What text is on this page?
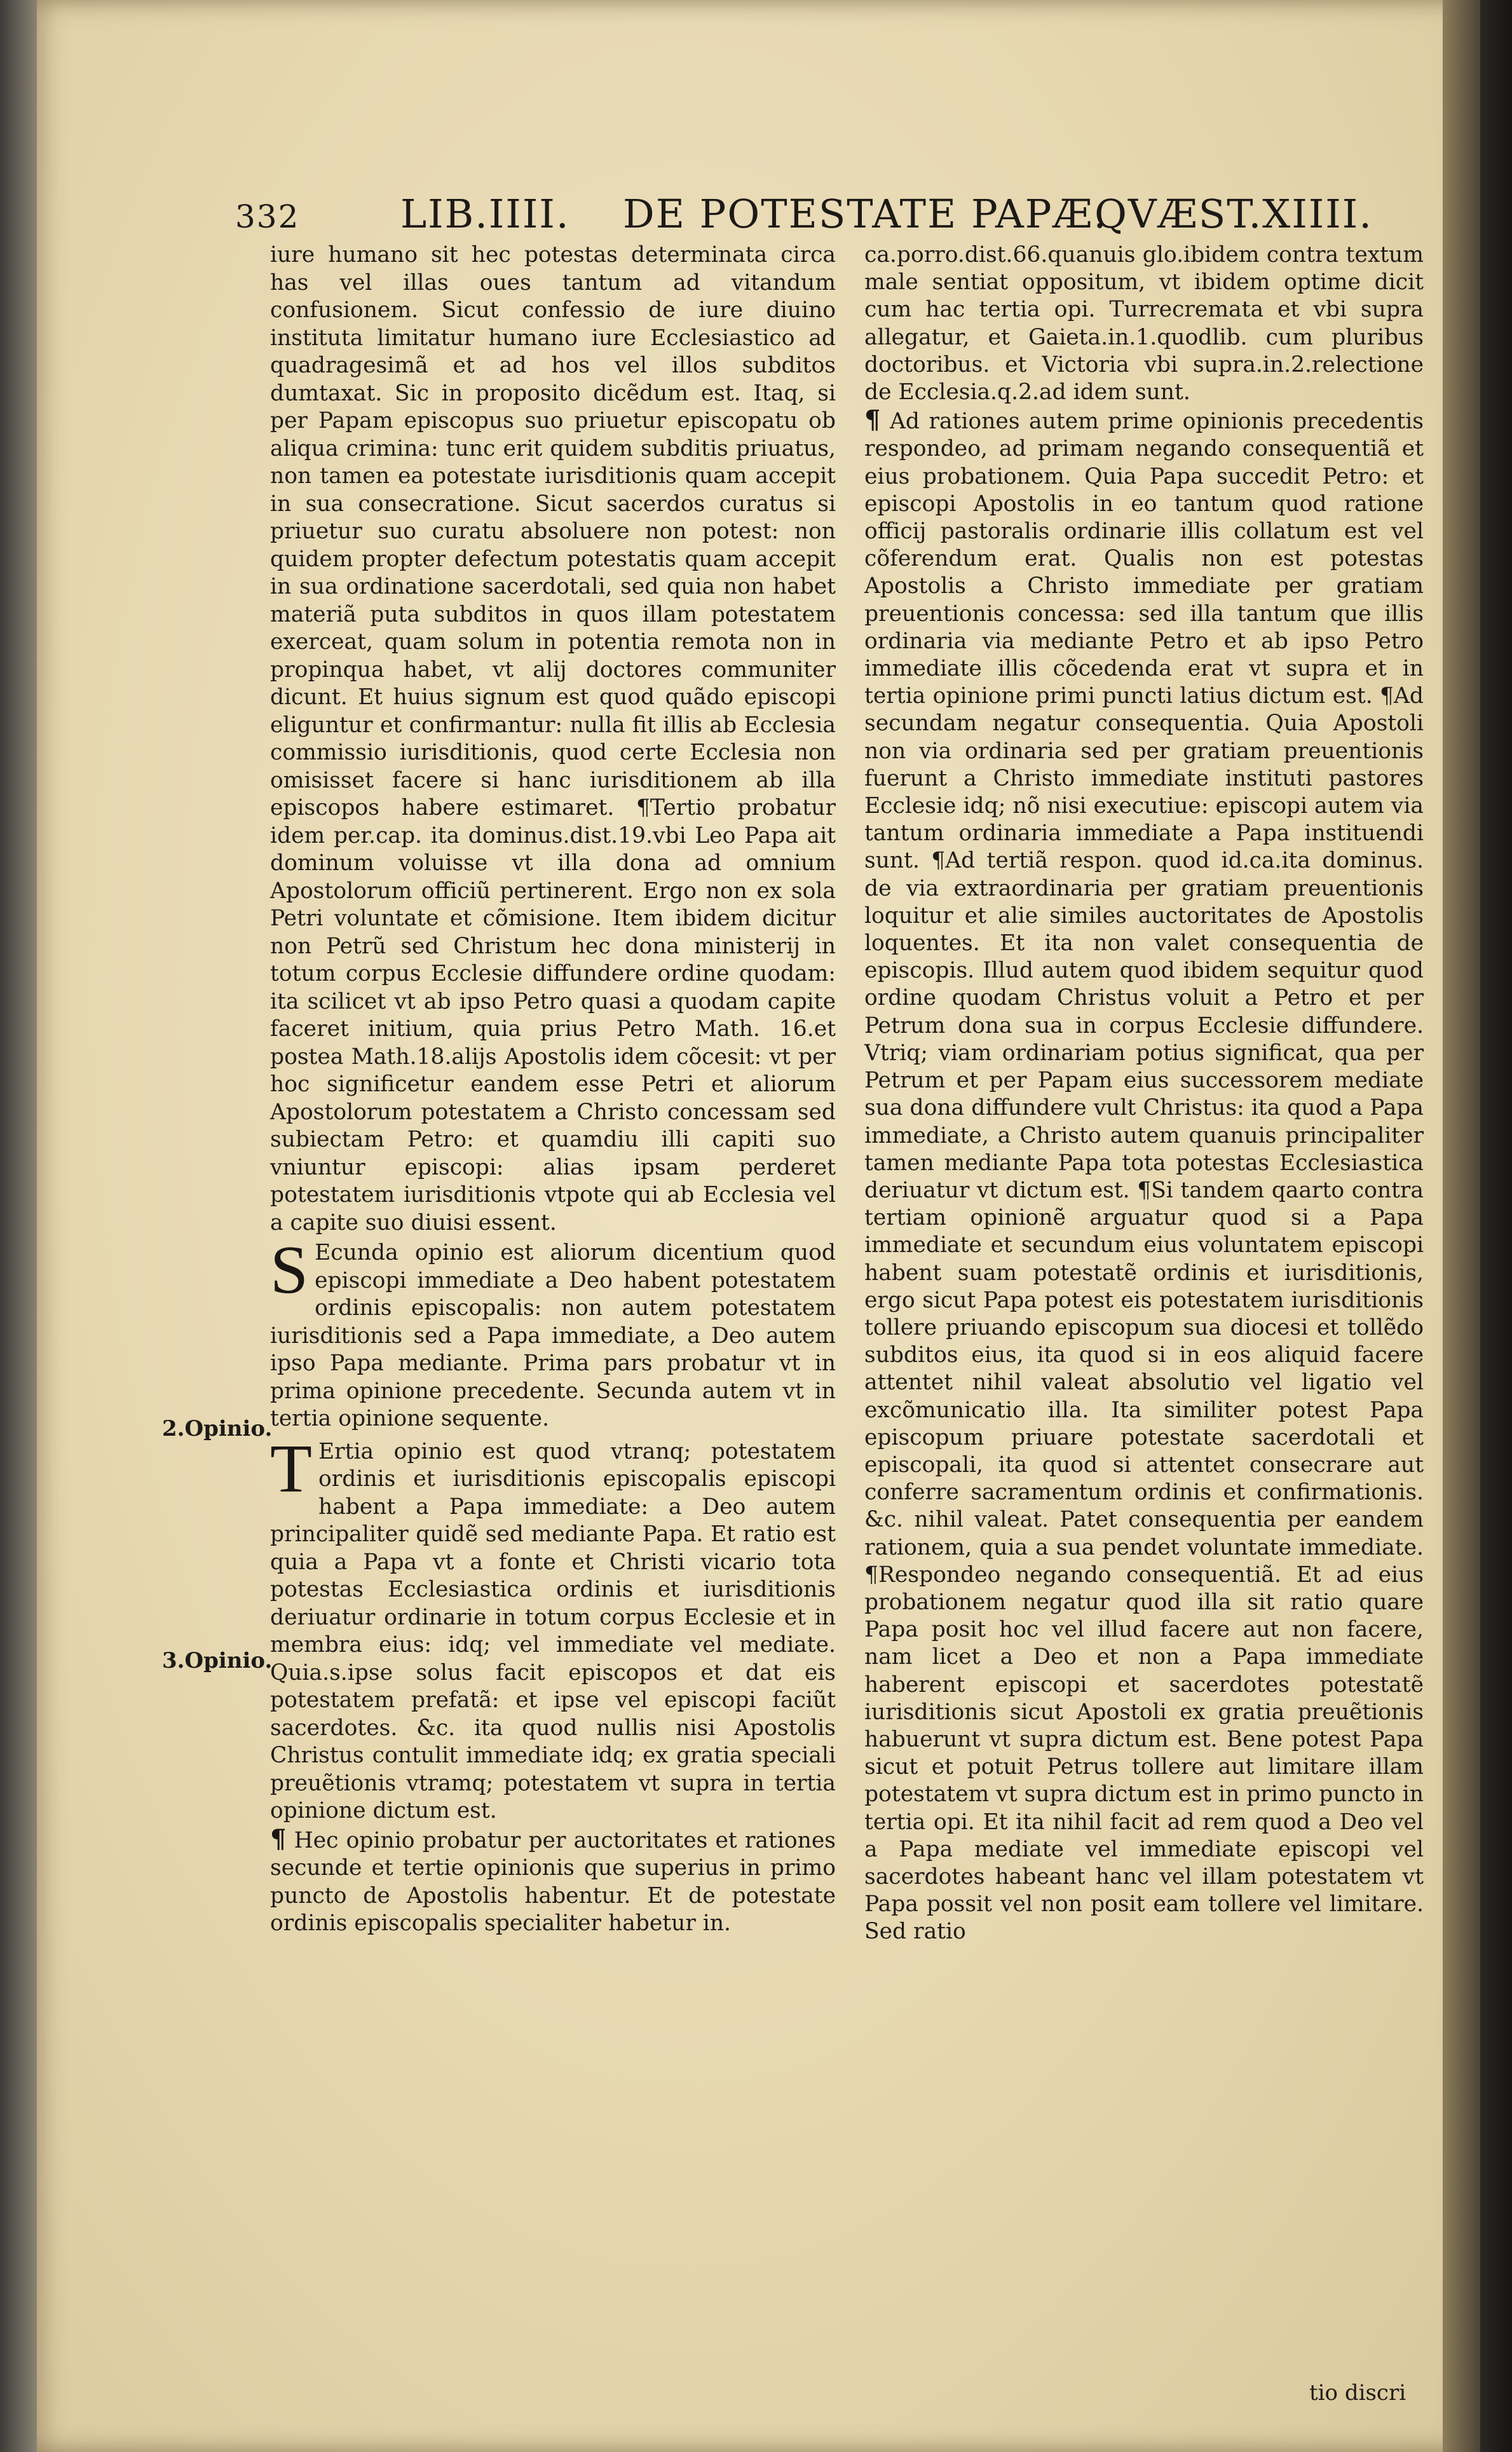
332	LIB.IIII. DE POTESTATE PAPÆ.
QVÆST.XIIII.
2.Opinio.
3.Opinio.

iure humano sit hec potestas determinata circa has vel illas oues tantum ad vitandum confusionem. Sicut confessio de iure diuino instituta limitatur humano iure Ecclesiastico ad quadragesimã et ad hos vel illos subditos dumtaxat. Sic in proposito dicẽdum est. Itaq, si per Papam episcopus suo priuetur episcopatu ob aliqua crimina: tunc erit quidem subditis priuatus, non tamen ea potestate iurisditionis quam accepit in sua consecratione. Sicut sacerdos curatus si priuetur suo curatu absoluere non potest: non quidem propter defectum potestatis quam accepit in sua ordinatione sacerdotali, sed quia non habet materiã puta subditos in quos illam potestatem exerceat, quam solum in potentia remota non in propinqua habet, vt alij doctores communiter dicunt. Et huius signum est quod quãdo episcopi eliguntur et confirmantur: nulla fit illis ab Ecclesia commissio iurisditionis, quod certe Ecclesia non omisisset facere si hanc iurisditionem ab illa episcopos habere estimaret. ¶Tertio probatur idem per.cap. ita dominus.dist.19.vbi Leo Papa ait dominum voluisse vt illa dona ad omnium Apostolorum officiũ pertinerent. Ergo non ex sola Petri voluntate et cõmisione. Item ibidem dicitur non Petrũ sed Christum hec dona ministerij in totum corpus Ecclesie diffundere ordine quodam: ita scilicet vt ab ipso Petro quasi a quodam capite faceret initium, quia prius Petro Math. 16.et postea Math.18.alijs Apostolis idem cõcesit: vt per hoc significetur eandem esse Petri et aliorum Apostolorum potestatem a Christo concessam sed subiectam Petro: et quamdiu illi capiti suo vniuntur episcopi: alias ipsam perderet potestatem iurisditionis vtpote qui ab Ecclesia vel a capite suo diuisi essent.

S Ecunda opinio est aliorum dicentium quod episcopi immediate a Deo habent potestatem ordinis episcopalis: non autem potestatem iurisditionis sed a Papa immediate, a Deo autem ipso Papa mediante. Prima pars probatur vt in prima opinione precedente. Secunda autem vt in tertia opinione sequente.

T Ertia opinio est quod vtranq; potestatem ordinis et iurisditionis episcopalis episcopi habent a Papa immediate: a Deo autem principaliter quidẽ sed mediante Papa. Et ratio est quia a Papa vt a fonte et Christi vicario tota potestas Ecclesiastica ordinis et iurisditionis deriuatur ordinarie in totum corpus Ecclesie et in membra eius: idq; vel immediate vel mediate. Quia.s.ipse solus facit episcopos et dat eis potestatem prefatã: et ipse vel episcopi faciũt sacerdotes. &c. ita quod nullis nisi Apostolis Christus contulit immediate idq; ex gratia speciali preuẽtionis vtramq; potestatem vt supra in tertia opinione dictum est.

¶ Hec opinio probatur per auctoritates et rationes secunde et tertie opinionis que superius in primo puncto de Apostolis habentur. Et de potestate ordinis episcopalis specialiter habetur in.

ca.porro.dist.66.quanuis glo.ibidem contra textum male sentiat oppositum, vt ibidem optime dicit cum hac tertia opi. Turrecremata et vbi supra allegatur, et Gaieta.in.1.quodlib. cum pluribus doctoribus. et Victoria vbi supra.in.2.relectione de Ecclesia.q.2.ad idem sunt.

¶ Ad rationes autem prime opinionis precedentis respondeo, ad primam negando consequentiã et eius probationem. Quia Papa succedit Petro: et episcopi Apostolis in eo tantum quod ratione officij pastoralis ordinarie illis collatum est vel cõferendum erat. Qualis non est potestas Apostolis a Christo immediate per gratiam preuentionis concessa: sed illa tantum que illis ordinaria via mediante Petro et ab ipso Petro immediate illis cõcedenda erat vt supra et in tertia opinione primi puncti latius dictum est. ¶Ad secundam negatur consequentia. Quia Apostoli non via ordinaria sed per gratiam preuentionis fuerunt a Christo immediate instituti pastores Ecclesie idq; nõ nisi executiue: episcopi autem via tantum ordinaria immediate a Papa instituendi sunt. ¶Ad tertiã respon. quod id.ca.ita dominus. de via extraordinaria per gratiam preuentionis loquitur et alie similes auctoritates de Apostolis loquentes. Et ita non valet consequentia de episcopis. Illud autem quod ibidem sequitur quod ordine quodam Christus voluit a Petro et per Petrum dona sua in corpus Ecclesie diffundere. Vtriq; viam ordinariam potius significat, qua per Petrum et per Papam eius successorem mediate sua dona diffundere vult Christus: ita quod a Papa immediate, a Christo autem quanuis principaliter tamen mediante Papa tota potestas Ecclesiastica deriuatur vt dictum est. ¶Si tandem qaarto contra tertiam opinionẽ arguatur quod si a Papa immediate et secundum eius voluntatem episcopi habent suam potestatẽ ordinis et iurisditionis, ergo sicut Papa potest eis potestatem iurisditionis tollere priuando episcopum sua diocesi et tollẽdo subditos eius, ita quod si in eos aliquid facere attentet nihil valeat absolutio vel ligatio vel excõmunicatio illa. Ita similiter potest Papa episcopum priuare potestate sacerdotali et episcopali, ita quod si attentet consecrare aut conferre sacramentum ordinis et confirmationis. &c. nihil valeat. Patet consequentia per eandem rationem, quia a sua pendet voluntate immediate. ¶Respondeo negando consequentiã. Et ad eius probationem negatur quod illa sit ratio quare Papa posit hoc vel illud facere aut non facere, nam licet a Deo et non a Papa immediate haberent episcopi et sacerdotes potestatẽ iurisditionis sicut Apostoli ex gratia preuẽtionis habuerunt vt supra dictum est. Bene potest Papa sicut et potuit Petrus tollere aut limitare illam potestatem vt supra dictum est in primo puncto in tertia opi. Et ita nihil facit ad rem quod a Deo vel a Papa mediate vel immediate episcopi vel sacerdotes habeant hanc vel illam potestatem vt Papa possit vel non posit eam tollere vel limitare. Sed ratio

tio discri
